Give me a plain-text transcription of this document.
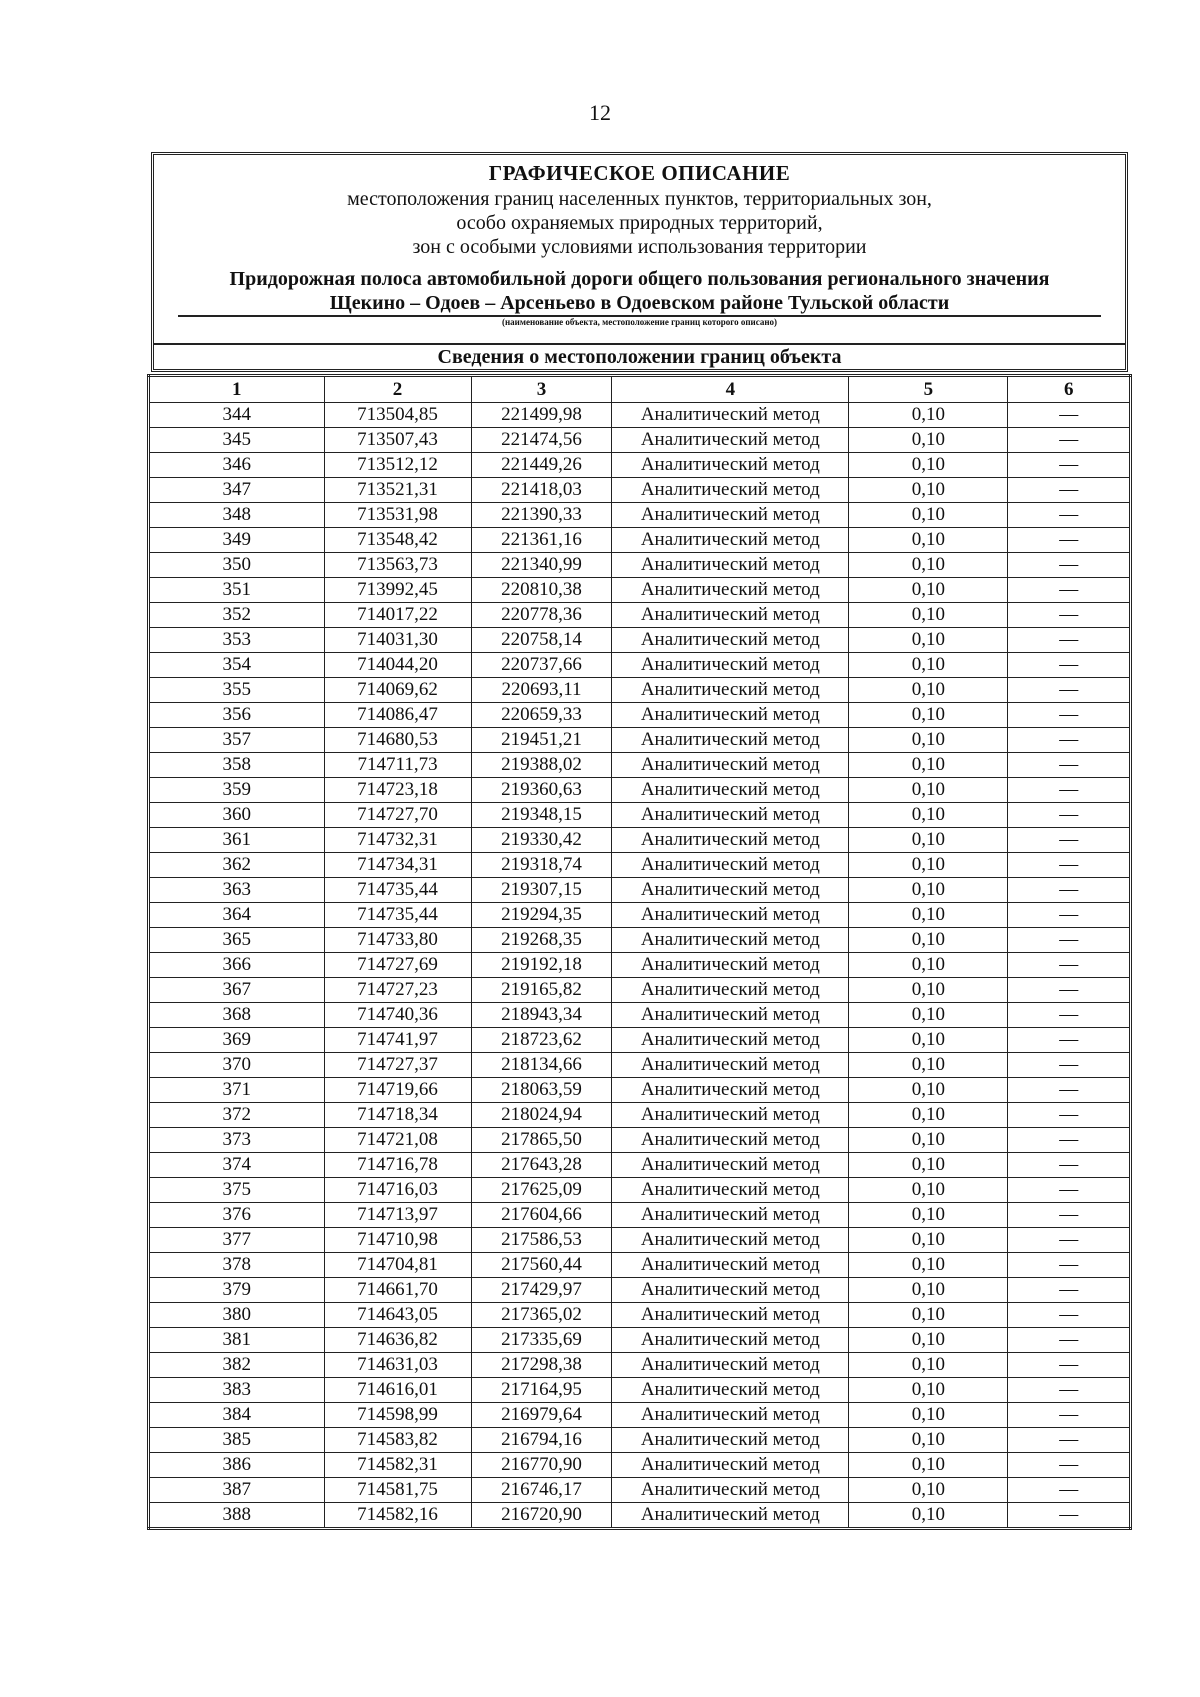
12
ГРАФИЧЕСКОЕ ОПИСАНИЕ
местоположения границ населенных пунктов, территориальных зон,
особо охраняемых природных территорий,
зон с особыми условиями использования территории
Придорожная полоса автомобильной дороги общего пользования регионального значения
Щекино – Одоев – Арсеньево в Одоевском районе Тульской области
(наименование объекта, местоположение границ которого описано)
Сведения о местоположении границ объекта
1	2	3	4	5	6
344	713504,85	221499,98	Аналитический метод	0,10	—
345	713507,43	221474,56	Аналитический метод	0,10	—
346	713512,12	221449,26	Аналитический метод	0,10	—
347	713521,31	221418,03	Аналитический метод	0,10	—
348	713531,98	221390,33	Аналитический метод	0,10	—
349	713548,42	221361,16	Аналитический метод	0,10	—
350	713563,73	221340,99	Аналитический метод	0,10	—
351	713992,45	220810,38	Аналитический метод	0,10	—
352	714017,22	220778,36	Аналитический метод	0,10	—
353	714031,30	220758,14	Аналитический метод	0,10	—
354	714044,20	220737,66	Аналитический метод	0,10	—
355	714069,62	220693,11	Аналитический метод	0,10	—
356	714086,47	220659,33	Аналитический метод	0,10	—
357	714680,53	219451,21	Аналитический метод	0,10	—
358	714711,73	219388,02	Аналитический метод	0,10	—
359	714723,18	219360,63	Аналитический метод	0,10	—
360	714727,70	219348,15	Аналитический метод	0,10	—
361	714732,31	219330,42	Аналитический метод	0,10	—
362	714734,31	219318,74	Аналитический метод	0,10	—
363	714735,44	219307,15	Аналитический метод	0,10	—
364	714735,44	219294,35	Аналитический метод	0,10	—
365	714733,80	219268,35	Аналитический метод	0,10	—
366	714727,69	219192,18	Аналитический метод	0,10	—
367	714727,23	219165,82	Аналитический метод	0,10	—
368	714740,36	218943,34	Аналитический метод	0,10	—
369	714741,97	218723,62	Аналитический метод	0,10	—
370	714727,37	218134,66	Аналитический метод	0,10	—
371	714719,66	218063,59	Аналитический метод	0,10	—
372	714718,34	218024,94	Аналитический метод	0,10	—
373	714721,08	217865,50	Аналитический метод	0,10	—
374	714716,78	217643,28	Аналитический метод	0,10	—
375	714716,03	217625,09	Аналитический метод	0,10	—
376	714713,97	217604,66	Аналитический метод	0,10	—
377	714710,98	217586,53	Аналитический метод	0,10	—
378	714704,81	217560,44	Аналитический метод	0,10	—
379	714661,70	217429,97	Аналитический метод	0,10	—
380	714643,05	217365,02	Аналитический метод	0,10	—
381	714636,82	217335,69	Аналитический метод	0,10	—
382	714631,03	217298,38	Аналитический метод	0,10	—
383	714616,01	217164,95	Аналитический метод	0,10	—
384	714598,99	216979,64	Аналитический метод	0,10	—
385	714583,82	216794,16	Аналитический метод	0,10	—
386	714582,31	216770,90	Аналитический метод	0,10	—
387	714581,75	216746,17	Аналитический метод	0,10	—
388	714582,16	216720,90	Аналитический метод	0,10	—
